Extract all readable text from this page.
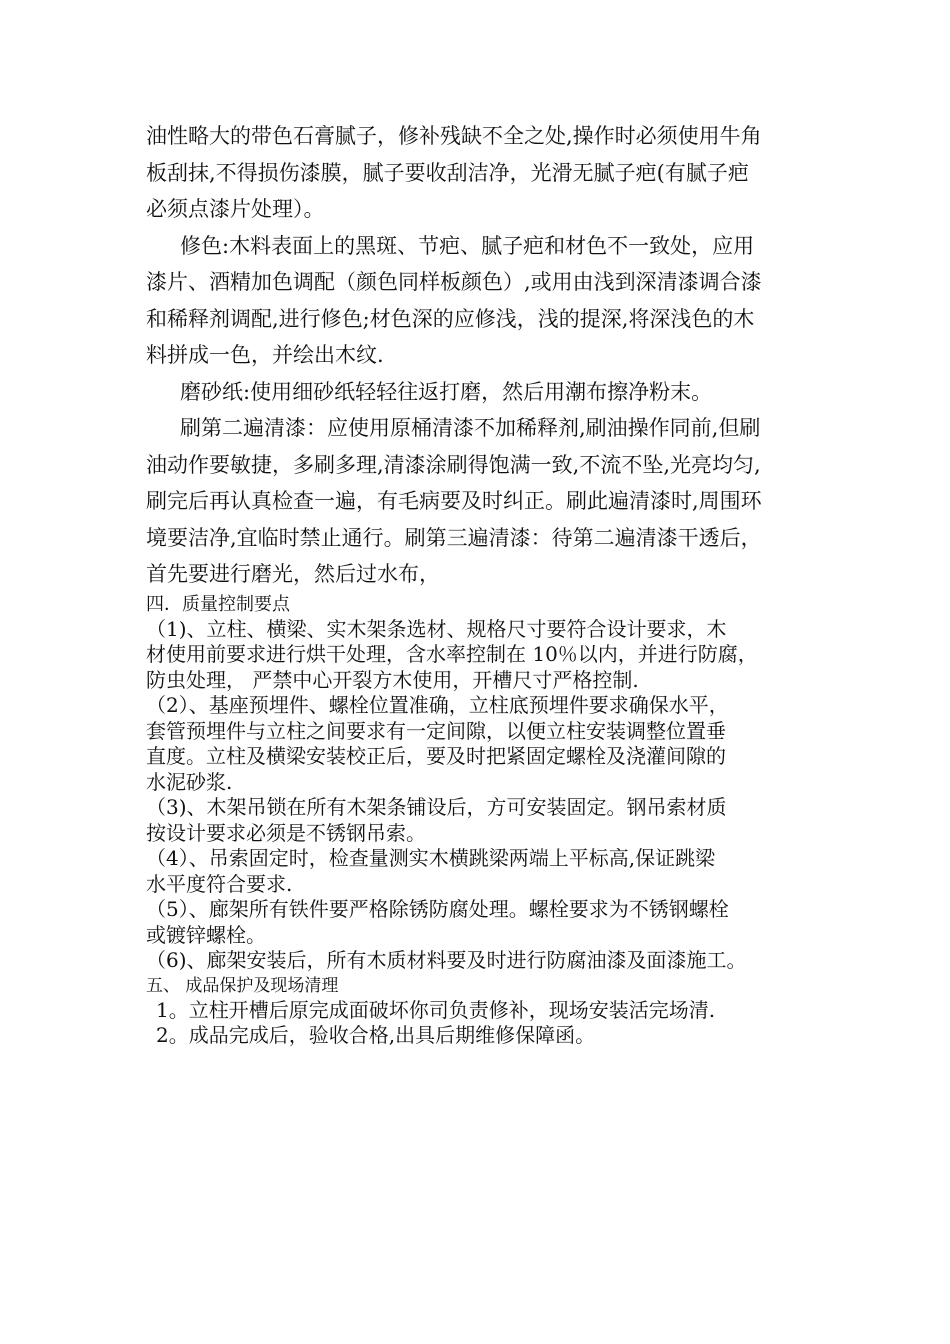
油性略大的带色石膏腻子，修补残缺不全之处,操作时必须使用牛角
板刮抹,不得损伤漆膜，腻子要收刮洁净，光滑无腻子疤(有腻子疤
必须点漆片处理）。

修色:木料表面上的黑斑、节疤、腻子疤和材色不一致处，应用
漆片、酒精加色调配（颜色同样板颜色）,或用由浅到深清漆调合漆
和稀释剂调配,进行修色;材色深的应修浅，浅的提深,将深浅色的木
料拼成一色，并绘出木纹.

磨砂纸:使用细砂纸轻轻往返打磨，然后用潮布擦净粉末。

刷第二遍清漆：应使用原桶清漆不加稀释剂,刷油操作同前,但刷
油动作要敏捷，多刷多理,清漆涂刷得饱满一致,不流不坠,光亮均匀,
刷完后再认真检查一遍，有毛病要及时纠正。刷此遍清漆时,周围环
境要洁净,宜临时禁止通行。刷第三遍清漆：待第二遍清漆干透后，
首先要进行磨光，然后过水布，

四．质量控制要点

（1)、立柱、横梁、实木架条选材、规格尺寸要符合设计要求，木

材使用前要求进行烘干处理，含水率控制在 10％以内，并进行防腐，

防虫处理， 严禁中心开裂方木使用，开槽尺寸严格控制.

（2）、基座预埋件、螺栓位置准确，立柱底预埋件要求确保水平，

套管预埋件与立柱之间要求有一定间隙，以便立柱安装调整位置垂

直度。立柱及横梁安装校正后，要及时把紧固定螺栓及浇灌间隙的

水泥砂浆.

（3)、木架吊锁在所有木架条铺设后，方可安装固定。钢吊索材质

按设计要求必须是不锈钢吊索。

（4）、吊索固定时，检查量测实木横跳梁两端上平标高,保证跳梁

水平度符合要求.

（5）、廊架所有铁件要严格除锈防腐处理。螺栓要求为不锈钢螺栓

或镀锌螺栓。

（6)、廊架安装后，所有木质材料要及时进行防腐油漆及面漆施工。

五、 成品保护及现场清理

1。立柱开槽后原完成面破坏你司负责修补，现场安装活完场清.

2。成品完成后，验收合格,出具后期维修保障函。
